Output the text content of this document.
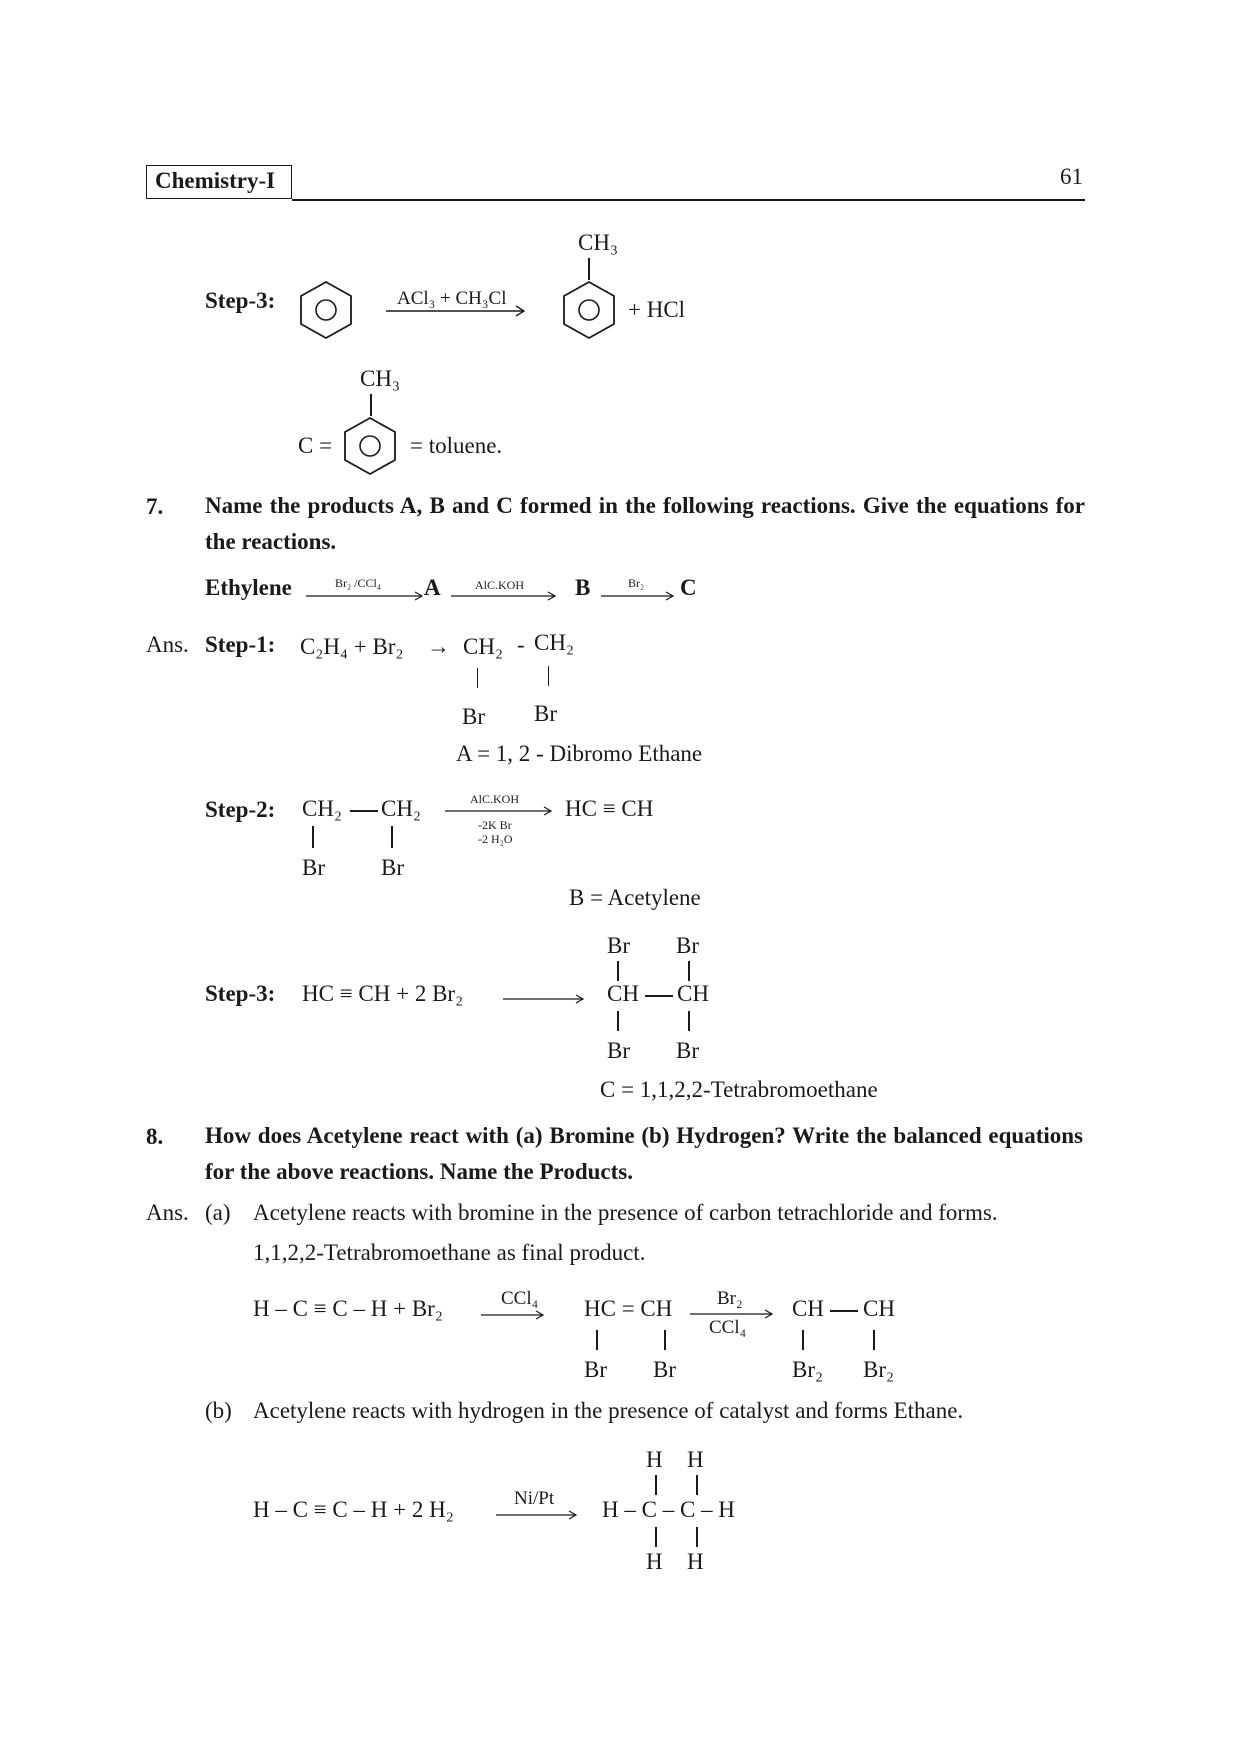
Chemistry-I	61
Step-3:	ACl₃ + CH₃Cl
CH₃
+ HCl
C =
CH₃
= toluene.
7. Name the products A, B and C formed in the following reactions. Give the equations for the reactions.
Ethylene	Br₂ /CCl₄ A	AlC.KOH B	Br₂ C
Ans. Step-1: C₂H₄ + Br₂ → CH₂ - CH₂
Br Br
A = 1, 2 - Dibromo Ethane
Step-2: CH₂ CH₂
Br Br
AlC.KOH
-2K Br
-2 H₂O
HC ≡ CH
B = Acetylene
Step-3: HC ≡ CH + 2 Br₂
Br Br
CH CH
Br Br
C = 1,1,2,2-Tetrabromoethane
8. How does Acetylene react with (a) Bromine (b) Hydrogen? Write the balanced equations for the above reactions. Name the Products.
Ans. (a) Acetylene reacts with bromine in the presence of carbon tetrachloride and forms.
1,1,2,2-Tetrabromoethane as final product.
H – C ≡ C – H + Br₂	CCl₄ HC = CH
Br Br
Br₂
CCl₄
CH CH
Br₂ Br₂
(b) Acetylene reacts with hydrogen in the presence of catalyst and forms Ethane.
H – C ≡ C – H + 2 H₂	Ni/Pt
H H
H – C – C – H
H H
